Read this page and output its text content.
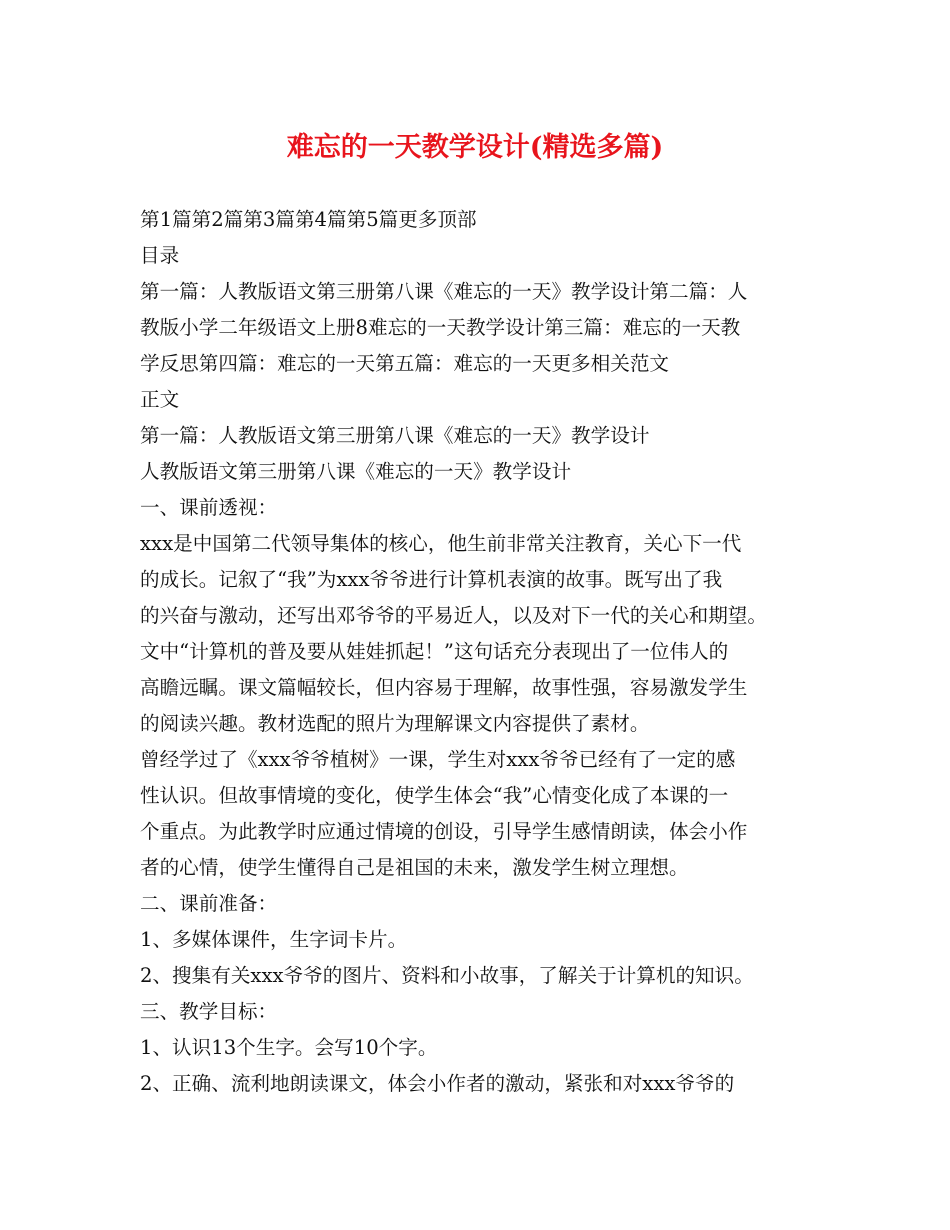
难忘的一天教学设计(精选多篇)
第1篇第2篇第3篇第4篇第5篇更多顶部
目录
第一篇：人教版语文第三册第八课《难忘的一天》教学设计第二篇：人
教版小学二年级语文上册8难忘的一天教学设计第三篇：难忘的一天教
学反思第四篇：难忘的一天第五篇：难忘的一天更多相关范文
正文
第一篇：人教版语文第三册第八课《难忘的一天》教学设计
人教版语文第三册第八课《难忘的一天》教学设计
一、课前透视：
xxx是中国第二代领导集体的核心，他生前非常关注教育，关心下一代
的成长。记叙了“我”为xxx爷爷进行计算机表演的故事。既写出了我
的兴奋与激动，还写出邓爷爷的平易近人，以及对下一代的关心和期望。
文中“计算机的普及要从娃娃抓起！”这句话充分表现出了一位伟人的
高瞻远瞩。课文篇幅较长，但内容易于理解，故事性强，容易激发学生
的阅读兴趣。教材选配的照片为理解课文内容提供了素材。
曾经学过了《xxx爷爷植树》一课，学生对xxx爷爷已经有了一定的感
性认识。但故事情境的变化，使学生体会“我”心情变化成了本课的一
个重点。为此教学时应通过情境的创设，引导学生感情朗读，体会小作
者的心情，使学生懂得自己是祖国的未来，激发学生树立理想。
二、课前准备：
1、多媒体课件，生字词卡片。
2、搜集有关xxx爷爷的图片、资料和小故事，了解关于计算机的知识。
三、教学目标：
1、认识13个生字。会写10个字。
2、正确、流利地朗读课文，体会小作者的激动，紧张和对xxx爷爷的
